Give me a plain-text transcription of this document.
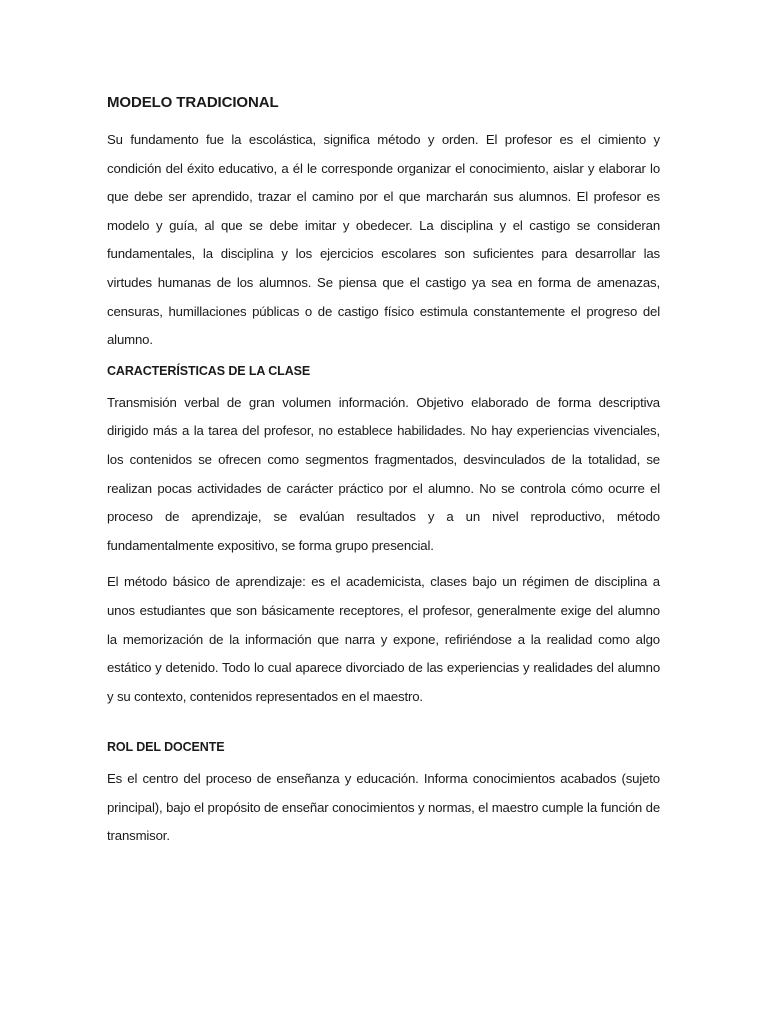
MODELO TRADICIONAL

Su fundamento fue la escolástica, significa método y orden. El profesor es el cimiento y condición del éxito educativo, a él le corresponde organizar el conocimiento, aislar y elaborar lo que debe ser aprendido, trazar el camino por el que marcharán sus alumnos. El profesor es modelo y guía, al que se debe imitar y obedecer. La disciplina y el castigo se consideran fundamentales, la disciplina y los ejercicios escolares son suficientes para desarrollar las virtudes humanas de los alumnos. Se piensa que el castigo ya sea en forma de amenazas, censuras, humillaciones públicas o de castigo físico estimula constantemente el progreso del alumno.

CARACTERÍSTICAS DE LA CLASE

Transmisión verbal de gran volumen información. Objetivo elaborado de forma descriptiva dirigido más a la tarea del profesor, no establece habilidades. No hay experiencias vivenciales, los contenidos se ofrecen como segmentos fragmentados, desvinculados de la totalidad, se realizan pocas actividades de carácter práctico por el alumno. No se controla cómo ocurre el proceso de aprendizaje, se evalúan resultados y a un nivel reproductivo, método fundamentalmente expositivo, se forma grupo presencial.

El método básico de aprendizaje: es el academicista, clases bajo un régimen de disciplina a unos estudiantes que son básicamente receptores, el profesor, generalmente exige del alumno la memorización de la información que narra y expone, refiriéndose a la realidad como algo estático y detenido. Todo lo cual aparece divorciado de las experiencias y realidades del alumno y su contexto, contenidos representados en el maestro.

ROL DEL DOCENTE

Es el centro del proceso de enseñanza y educación. Informa conocimientos acabados (sujeto principal), bajo el propósito de enseñar conocimientos y normas, el maestro cumple la función de transmisor.
